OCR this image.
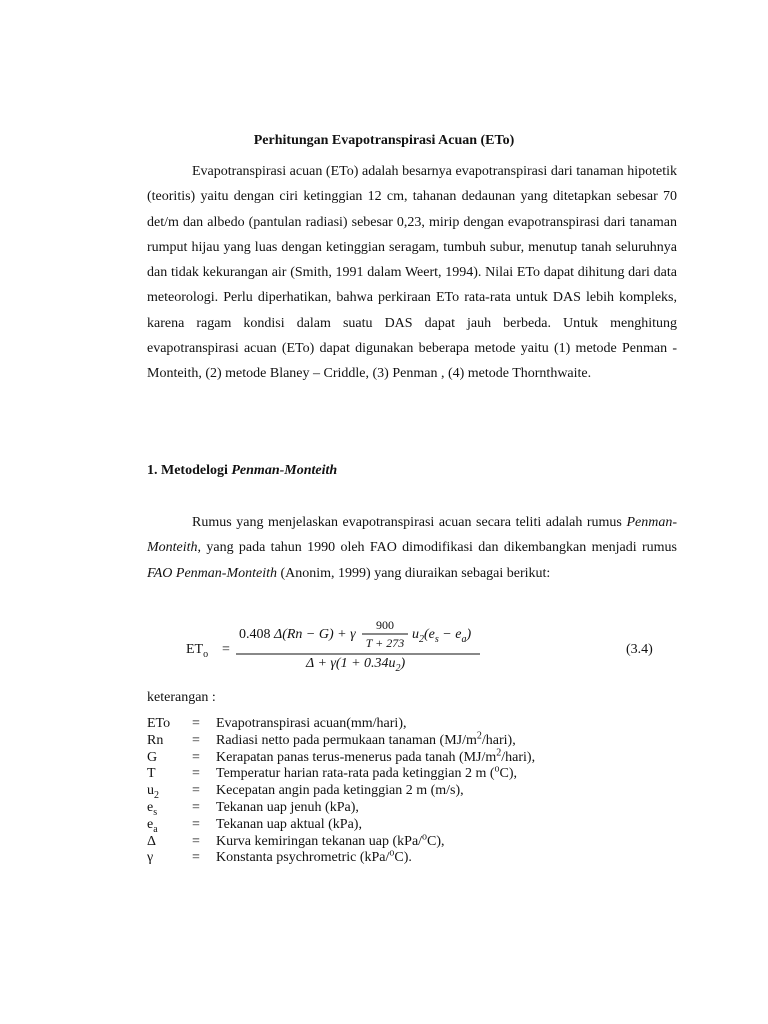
Perhitungan Evapotranspirasi Acuan (ETo)

Evapotranspirasi acuan (ETo) adalah besarnya evapotranspirasi dari tanaman hipotetik (teoritis) yaitu dengan ciri ketinggian 12 cm, tahanan dedaunan yang ditetapkan sebesar 70 det/m dan albedo (pantulan radiasi) sebesar 0,23, mirip dengan evapotranspirasi dari tanaman rumput hijau yang luas dengan ketinggian seragam, tumbuh subur, menutup tanah seluruhnya dan tidak kekurangan air (Smith, 1991 dalam Weert, 1994). Nilai ETo dapat dihitung dari data meteorologi. Perlu diperhatikan, bahwa perkiraan ETo rata-rata untuk DAS lebih kompleks, karena ragam kondisi dalam suatu DAS dapat jauh berbeda. Untuk menghitung evapotranspirasi acuan (ETo) dapat digunakan beberapa metode yaitu (1) metode Penman - Monteith, (2) metode Blaney – Criddle, (3) Penman , (4) metode Thornthwaite.

1. Metodelogi Penman-Monteith

Rumus yang menjelaskan evapotranspirasi acuan secara teliti adalah rumus Penman-Monteith, yang pada tahun 1990 oleh FAO dimodifikasi dan dikembangkan menjadi rumus FAO Penman-Monteith (Anonim, 1999) yang diuraikan sebagai berikut:

$ET_o$ =
0.408 Δ(Rn − G) + γ
900
T + 273
$u_2(e_s - e_a)$
$\Delta + \gamma(1 + 0.34u_2)$
(3.4)
keterangan :
ETo = Evapotranspirasi acuan(mm/hari),
Rn = Radiasi netto pada permukaan tanaman $(MJ/m^2/hari)$,
G = Kerapatan panas terus-menerus pada tanah $(MJ/m^2/hari)$,
T	= Temperatur harian rata-rata pada ketinggian 2 m ($^o$C),
$u_2$ = Kecepatan angin pada ketinggian 2 m (m/s),
$e_s$ = Tekanan uap jenuh (kPa),
$e_a$ = Tekanan uap aktual (kPa),
Δ	= Kurva kemiringan tekanan uap (kPa/$^o$C),
γ	= Konstanta psychrometric (kPa/$^o$C).
